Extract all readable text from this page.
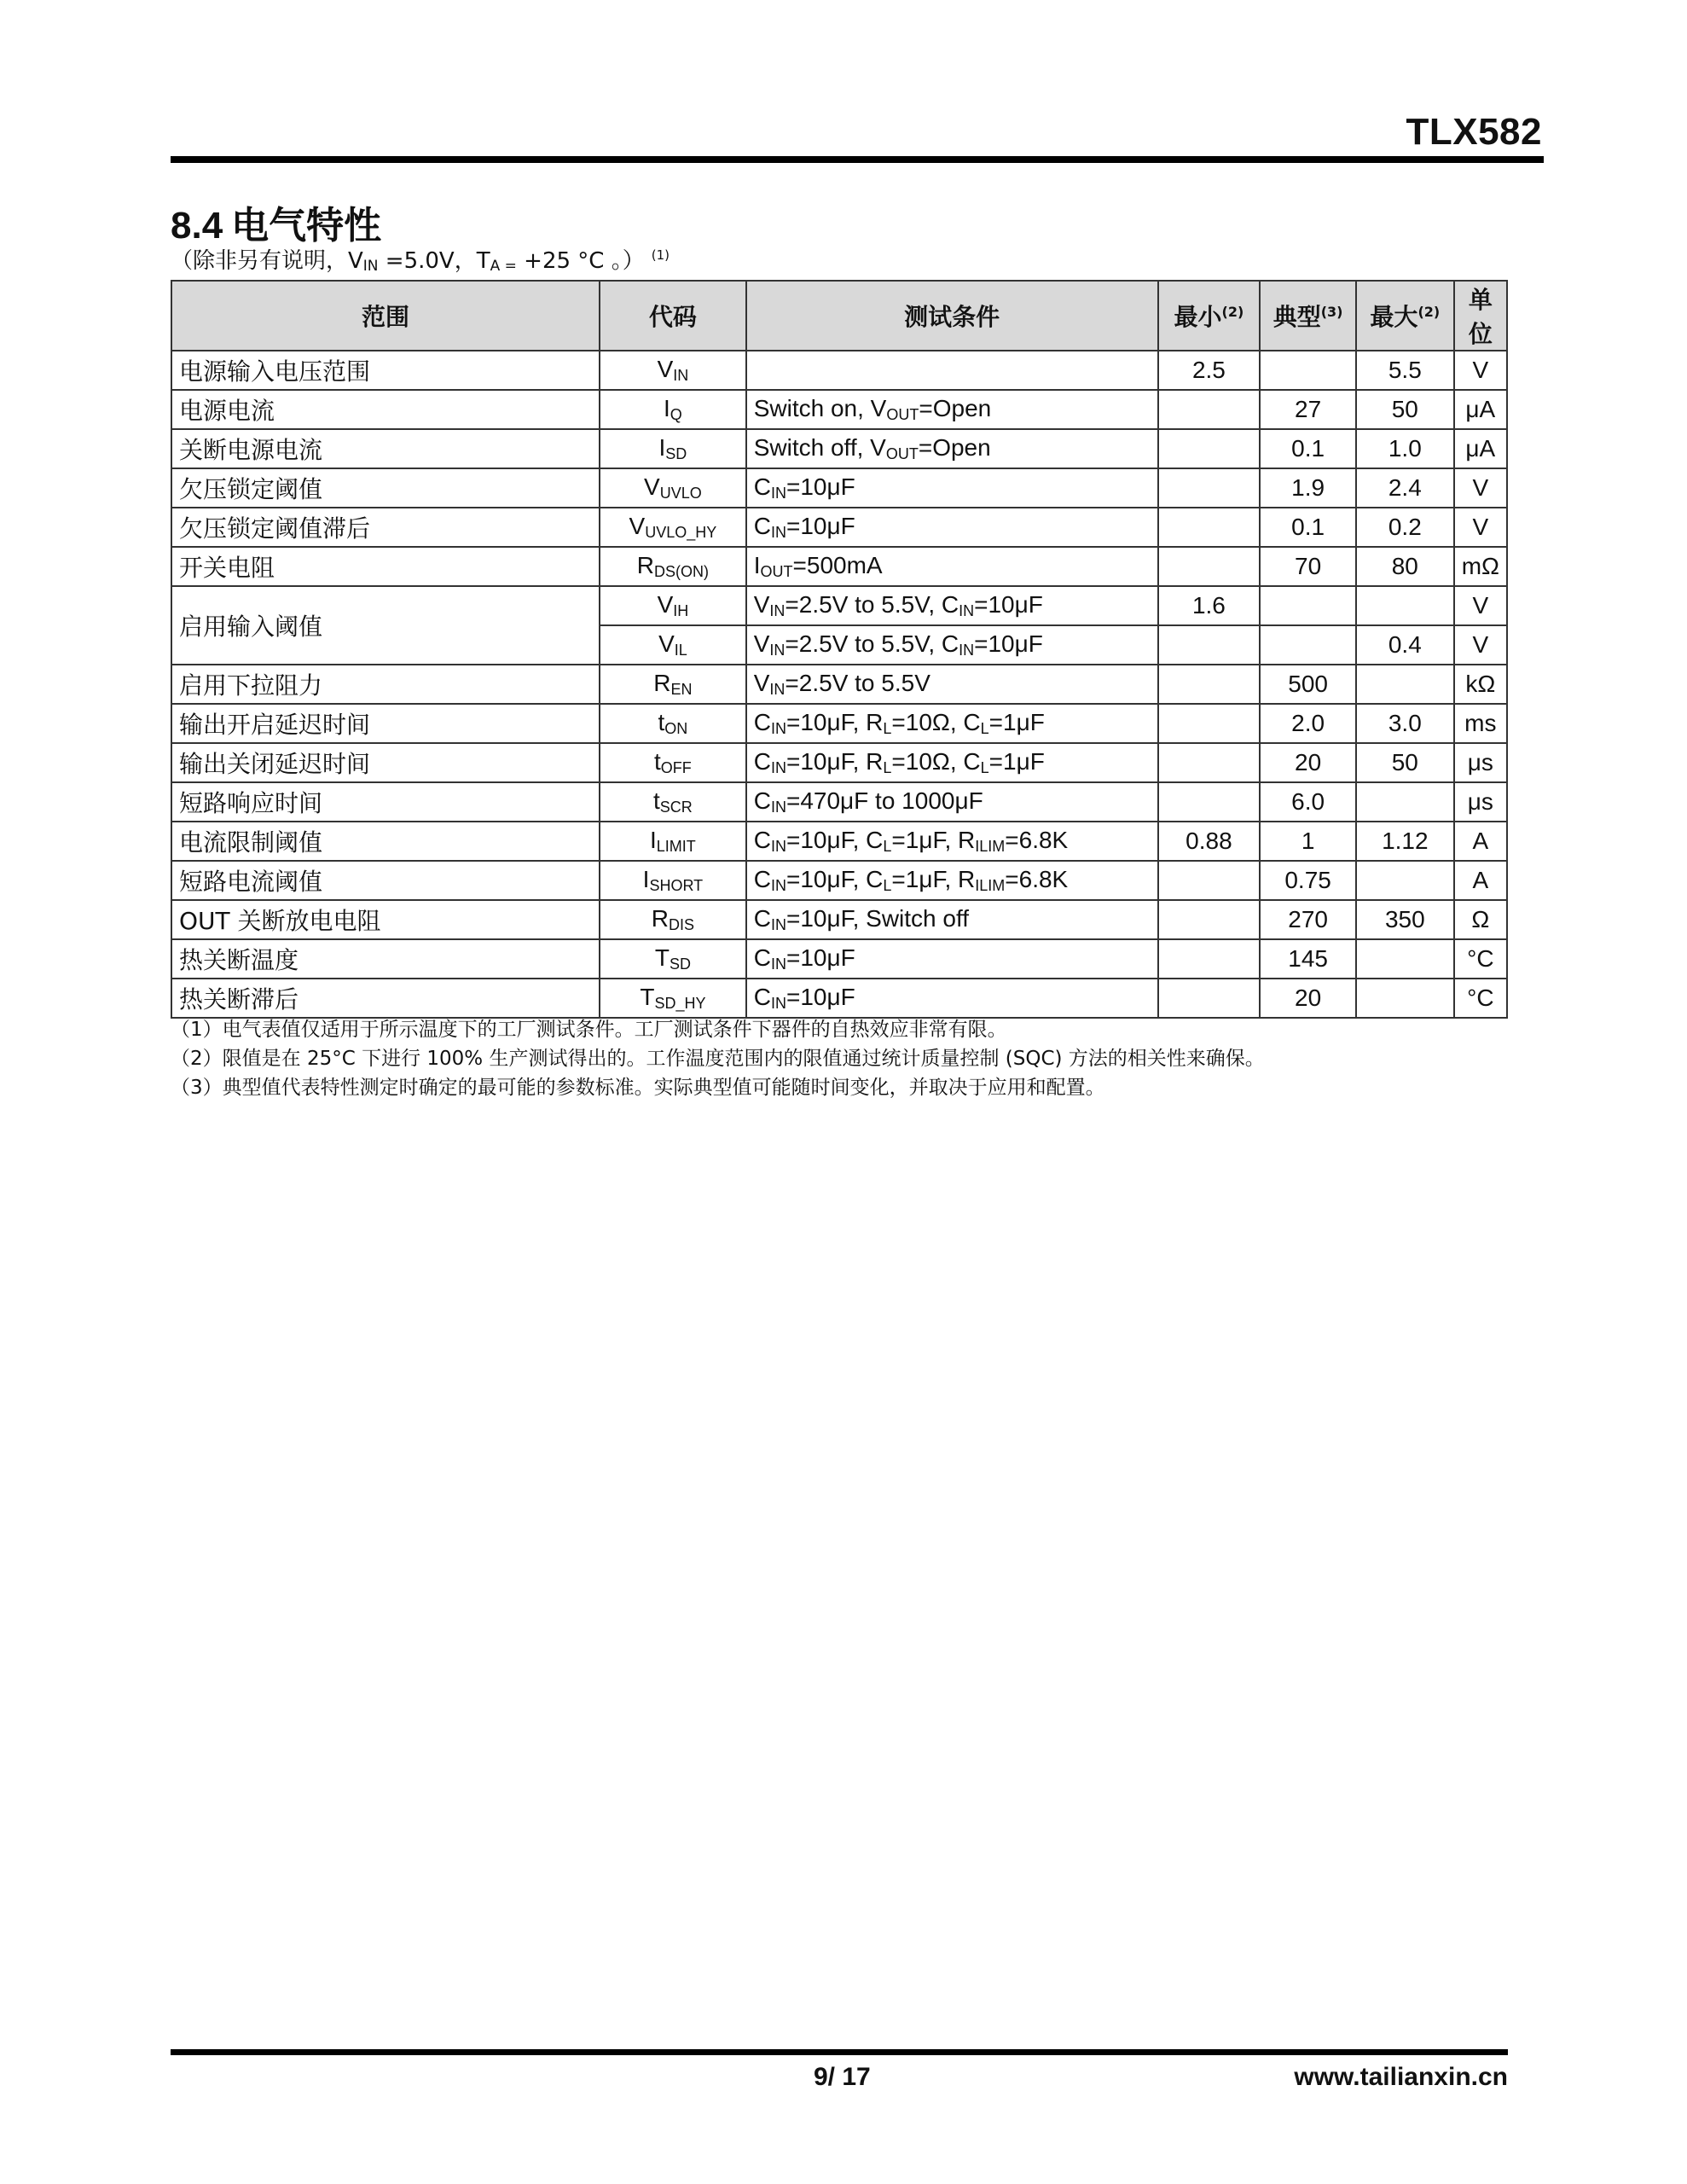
TLX582
8.4 电气特性
（除非另有说明，$V_{IN} =5.0V$，$T_{A =} +25$ °C 。） $^{(1)}$
范围	代码	测试条件	最小$^{(2)}$	典型$^{(3)}$	最大$^{(2)}$	单位
电源输入电压范围	$V_{IN}$		2.5		5.5	V
电源电流	$I_Q$	Switch on, $V_{OUT}=Open$		27	50	μA
关断电源电流	$I_{SD}$	Switch off, $V_{OUT}=Open$		0.1	1.0	μA
欠压锁定阈值	$V_{UVLO}$	$C_{IN}=10\mu F$		1.9	2.4	V
欠压锁定阈值滞后	$V_{UVLO\_HY}$	$C_{IN}=10\mu F$		0.1	0.2	V
开关电阻	$R_{DS(ON)}$	$I_{OUT}=500mA$		70	80	mΩ
启用输入阈值	$V_{IH}$	$V_{IN}=2.5V$ to 5.5V, $C_{IN}=10\mu F$	1.6			V
	$V_{IL}$	$V_{IN}=2.5V$ to 5.5V, $C_{IN}=10\mu F$			0.4	V
启用下拉阻力	$R_{EN}$	$V_{IN}=2.5V$ to 5.5V		500		kΩ
输出开启延迟时间	$t_{ON}$	$C_{IN}=10\mu F$, $R_L=10\Omega$, $C_L=1\mu F$		2.0	3.0	ms
输出关闭延迟时间	$t_{OFF}$	$C_{IN}=10\mu F$, $R_L=10\Omega$, $C_L=1\mu F$		20	50	μs
短路响应时间	$t_{SCR}$	$C_{IN}=470\mu F$ to 1000μF		6.0		μs
电流限制阈值	$I_{LIMIT}$	$C_{IN}=10\mu F$, $C_L=1\mu F$, $R_{ILIM}=6.8K$	0.88	1	1.12	A
短路电流阈值	$I_{SHORT}$	$C_{IN}=10\mu F$, $C_L=1\mu F$, $R_{ILIM}=6.8K$		0.75		A
OUT 关断放电电阻	$R_{DIS}$	$C_{IN}=10\mu F$, Switch off		270	350	Ω
热关断温度	$T_{SD}$	$C_{IN}=10\mu F$		145		°C
热关断滞后	$T_{SD\_HY}$	$C_{IN}=10\mu F$		20		°C
（1）电气表值仅适用于所示温度下的工厂测试条件。工厂测试条件下器件的自热效应非常有限。
（2）限值是在 25°C 下进行 100% 生产测试得出的。工作温度范围内的限值通过统计质量控制 (SQC) 方法的相关性来确保。
（3）典型值代表特性测定时确定的最可能的参数标准。实际典型值可能随时间变化，并取决于应用和配置。
9/ 17	www.tailianxin.cn
